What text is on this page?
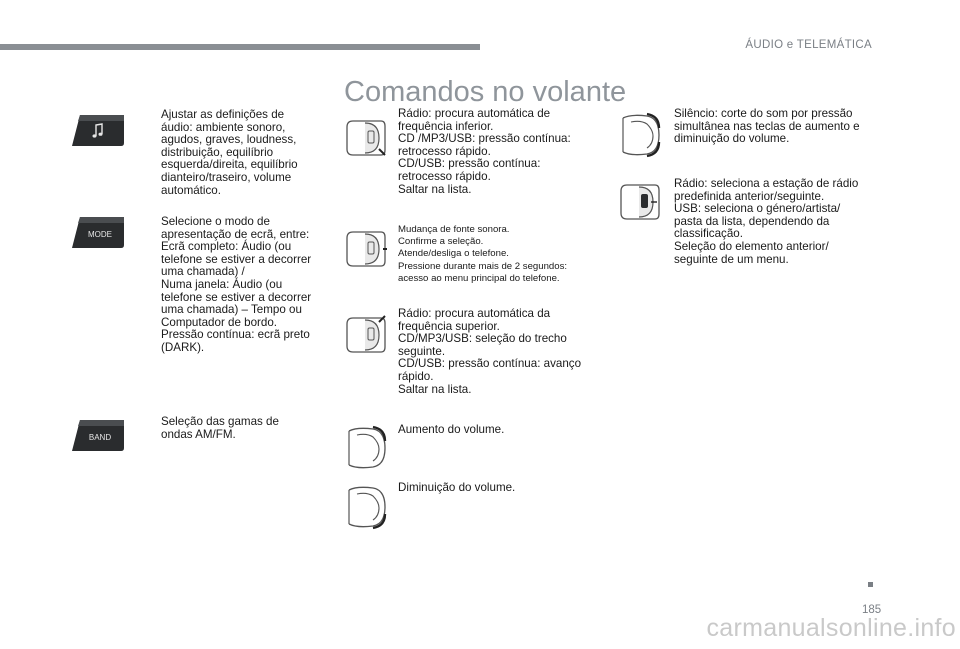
ÁUDIO e TELEMÁTICA
Comandos no volante
Ajustar as definições de
áudio: ambiente sonoro,
agudos, graves, loudness,
distribuição, equilíbrio
esquerda/direita, equilíbrio
dianteiro/traseiro, volume
automático.
MODE
Selecione o modo de
apresentação de ecrã, entre:
Ecrã completo: Áudio (ou
telefone se estiver a decorrer
uma chamada) /
Numa janela: Áudio (ou
telefone se estiver a decorrer
uma chamada) – Tempo ou
Computador de bordo.
Pressão contínua: ecrã preto
(DARK).
BAND
Seleção das gamas de
ondas AM/FM.
Rádio: procura automática de
frequência inferior.
CD /MP3/USB: pressão contínua:
retrocesso rápido.
CD/USB: pressão contínua:
retrocesso rápido.
Saltar na lista.
Mudança de fonte sonora.
Confirme a seleção.
Atende/desliga o telefone.
Pressione durante mais de 2 segundos:
acesso ao menu principal do telefone.
Rádio: procura automática da
frequência superior.
CD/MP3/USB: seleção do trecho
seguinte.
CD/USB: pressão contínua: avanço
rápido.
Saltar na lista.
Aumento do volume.
Diminuição do volume.
Silêncio: corte do som por pressão
simultânea nas teclas de aumento e
diminuição do volume.
Rádio: seleciona a estação de rádio
predefinida anterior/seguinte.
USB: seleciona o género/artista/
pasta da lista, dependendo da
classificação.
Seleção do elemento anterior/
seguinte de um menu.
185
carmanualsonline.info
